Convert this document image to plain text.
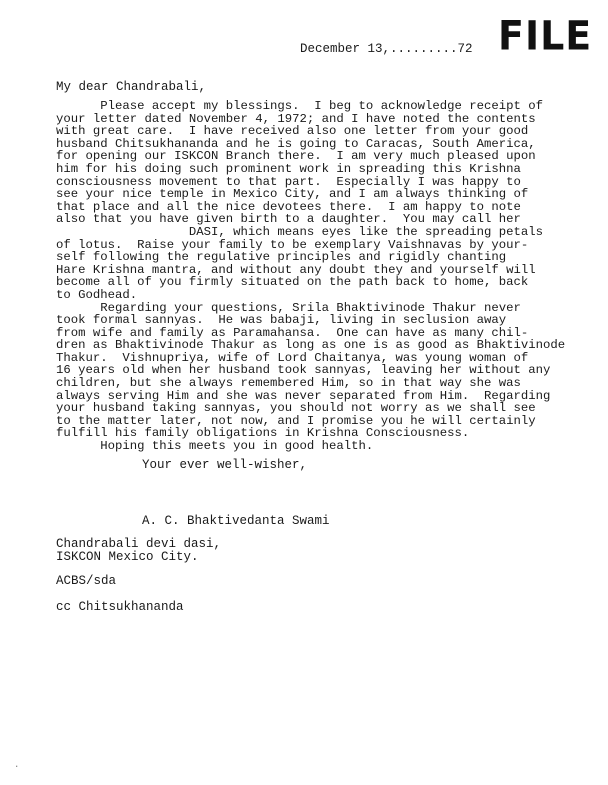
FILE
December 13,.........72
My dear Chandrabali,
Please accept my blessings.  I beg to acknowledge receipt of
your letter dated November 4, 1972; and I have noted the contents
with great care.  I have received also one letter from your good
husband Chitsukhananda and he is going to Caracas, South America,
for opening our ISKCON Branch there.  I am very much pleased upon
him for his doing such prominent work in spreading this Krishna
consciousness movement to that part.  Especially I was happy to
see your nice temple in Mexico City, and I am always thinking of
that place and all the nice devotees there.  I am happy to note
also that you have given birth to a daughter.  You may call her
DASI, which means eyes like the spreading petals
of lotus.  Raise your family to be exemplary Vaishnavas by your-
self following the regulative principles and rigidly chanting
Hare Krishna mantra, and without any doubt they and yourself will
become all of you firmly situated on the path back to home, back
to Godhead.
Regarding your questions, Srila Bhaktivinode Thakur never
took formal sannyas.  He was babaji, living in seclusion away
from wife and family as Paramahansa.  One can have as many chil-
dren as Bhaktivinode Thakur as long as one is as good as Bhaktivinode
Thakur.  Vishnupriya, wife of Lord Chaitanya, was young woman of
16 years old when her husband took sannyas, leaving her without any
children, but she always remembered Him, so in that way she was
always serving Him and she was never separated from Him.  Regarding
your husband taking sannyas, you should not worry as we shall see
to the matter later, not now, and I promise you he will certainly
fulfill his family obligations in Krishna Consciousness.
Hoping this meets you in good health.
Your ever well-wisher,
A. C. Bhaktivedanta Swami
Chandrabali devi dasi,
ISKCON Mexico City.
ACBS/sda
cc Chitsukhananda
·
